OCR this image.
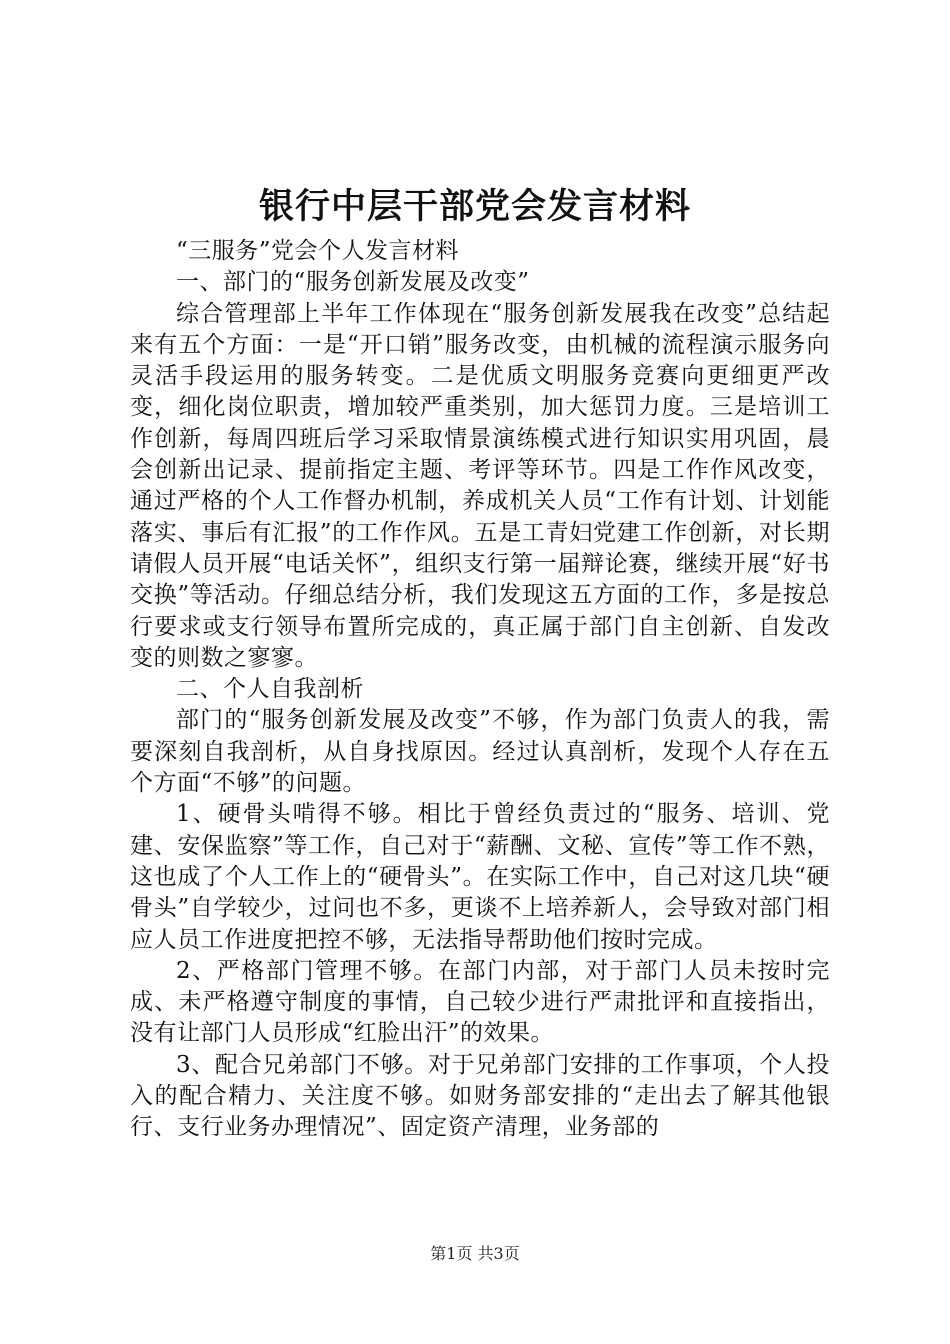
银行中层干部党会发言材料

“三服务”党会个人发言材料

一、部门的“服务创新发展及改变”

综合管理部上半年工作体现在“服务创新发展我在改变”总结起来有五个方面：一是“开口销”服务改变，由机械的流程演示服务向灵活手段运用的服务转变。二是优质文明服务竞赛向更细更严改变，细化岗位职责，增加较严重类别，加大惩罚力度。三是培训工作创新，每周四班后学习采取情景演练模式进行知识实用巩固，晨会创新出记录、提前指定主题、考评等环节。四是工作作风改变，通过严格的个人工作督办机制，养成机关人员“工作有计划、计划能落实、事后有汇报”的工作作风。五是工青妇党建工作创新，对长期请假人员开展“电话关怀”，组织支行第一届辩论赛，继续开展“好书交换”等活动。仔细总结分析，我们发现这五方面的工作，多是按总行要求或支行领导布置所完成的，真正属于部门自主创新、自发改变的则数之寥寥。

二、个人自我剖析

部门的“服务创新发展及改变”不够，作为部门负责人的我，需要深刻自我剖析，从自身找原因。经过认真剖析，发现个人存在五个方面“不够”的问题。

1、硬骨头啃得不够。相比于曾经负责过的“服务、培训、党建、安保监察”等工作，自己对于“薪酬、文秘、宣传”等工作不熟，这也成了个人工作上的“硬骨头”。在实际工作中，自己对这几块“硬骨头”自学较少，过问也不多，更谈不上培养新人，会导致对部门相应人员工作进度把控不够，无法指导帮助他们按时完成。

2、严格部门管理不够。在部门内部，对于部门人员未按时完成、未严格遵守制度的事情，自己较少进行严肃批评和直接指出，没有让部门人员形成“红脸出汗”的效果。

3、配合兄弟部门不够。对于兄弟部门安排的工作事项，个人投入的配合精力、关注度不够。如财务部安排的“走出去了解其他银行、支行业务办理情况”、固定资产清理，业务部的

第1页 共3页
